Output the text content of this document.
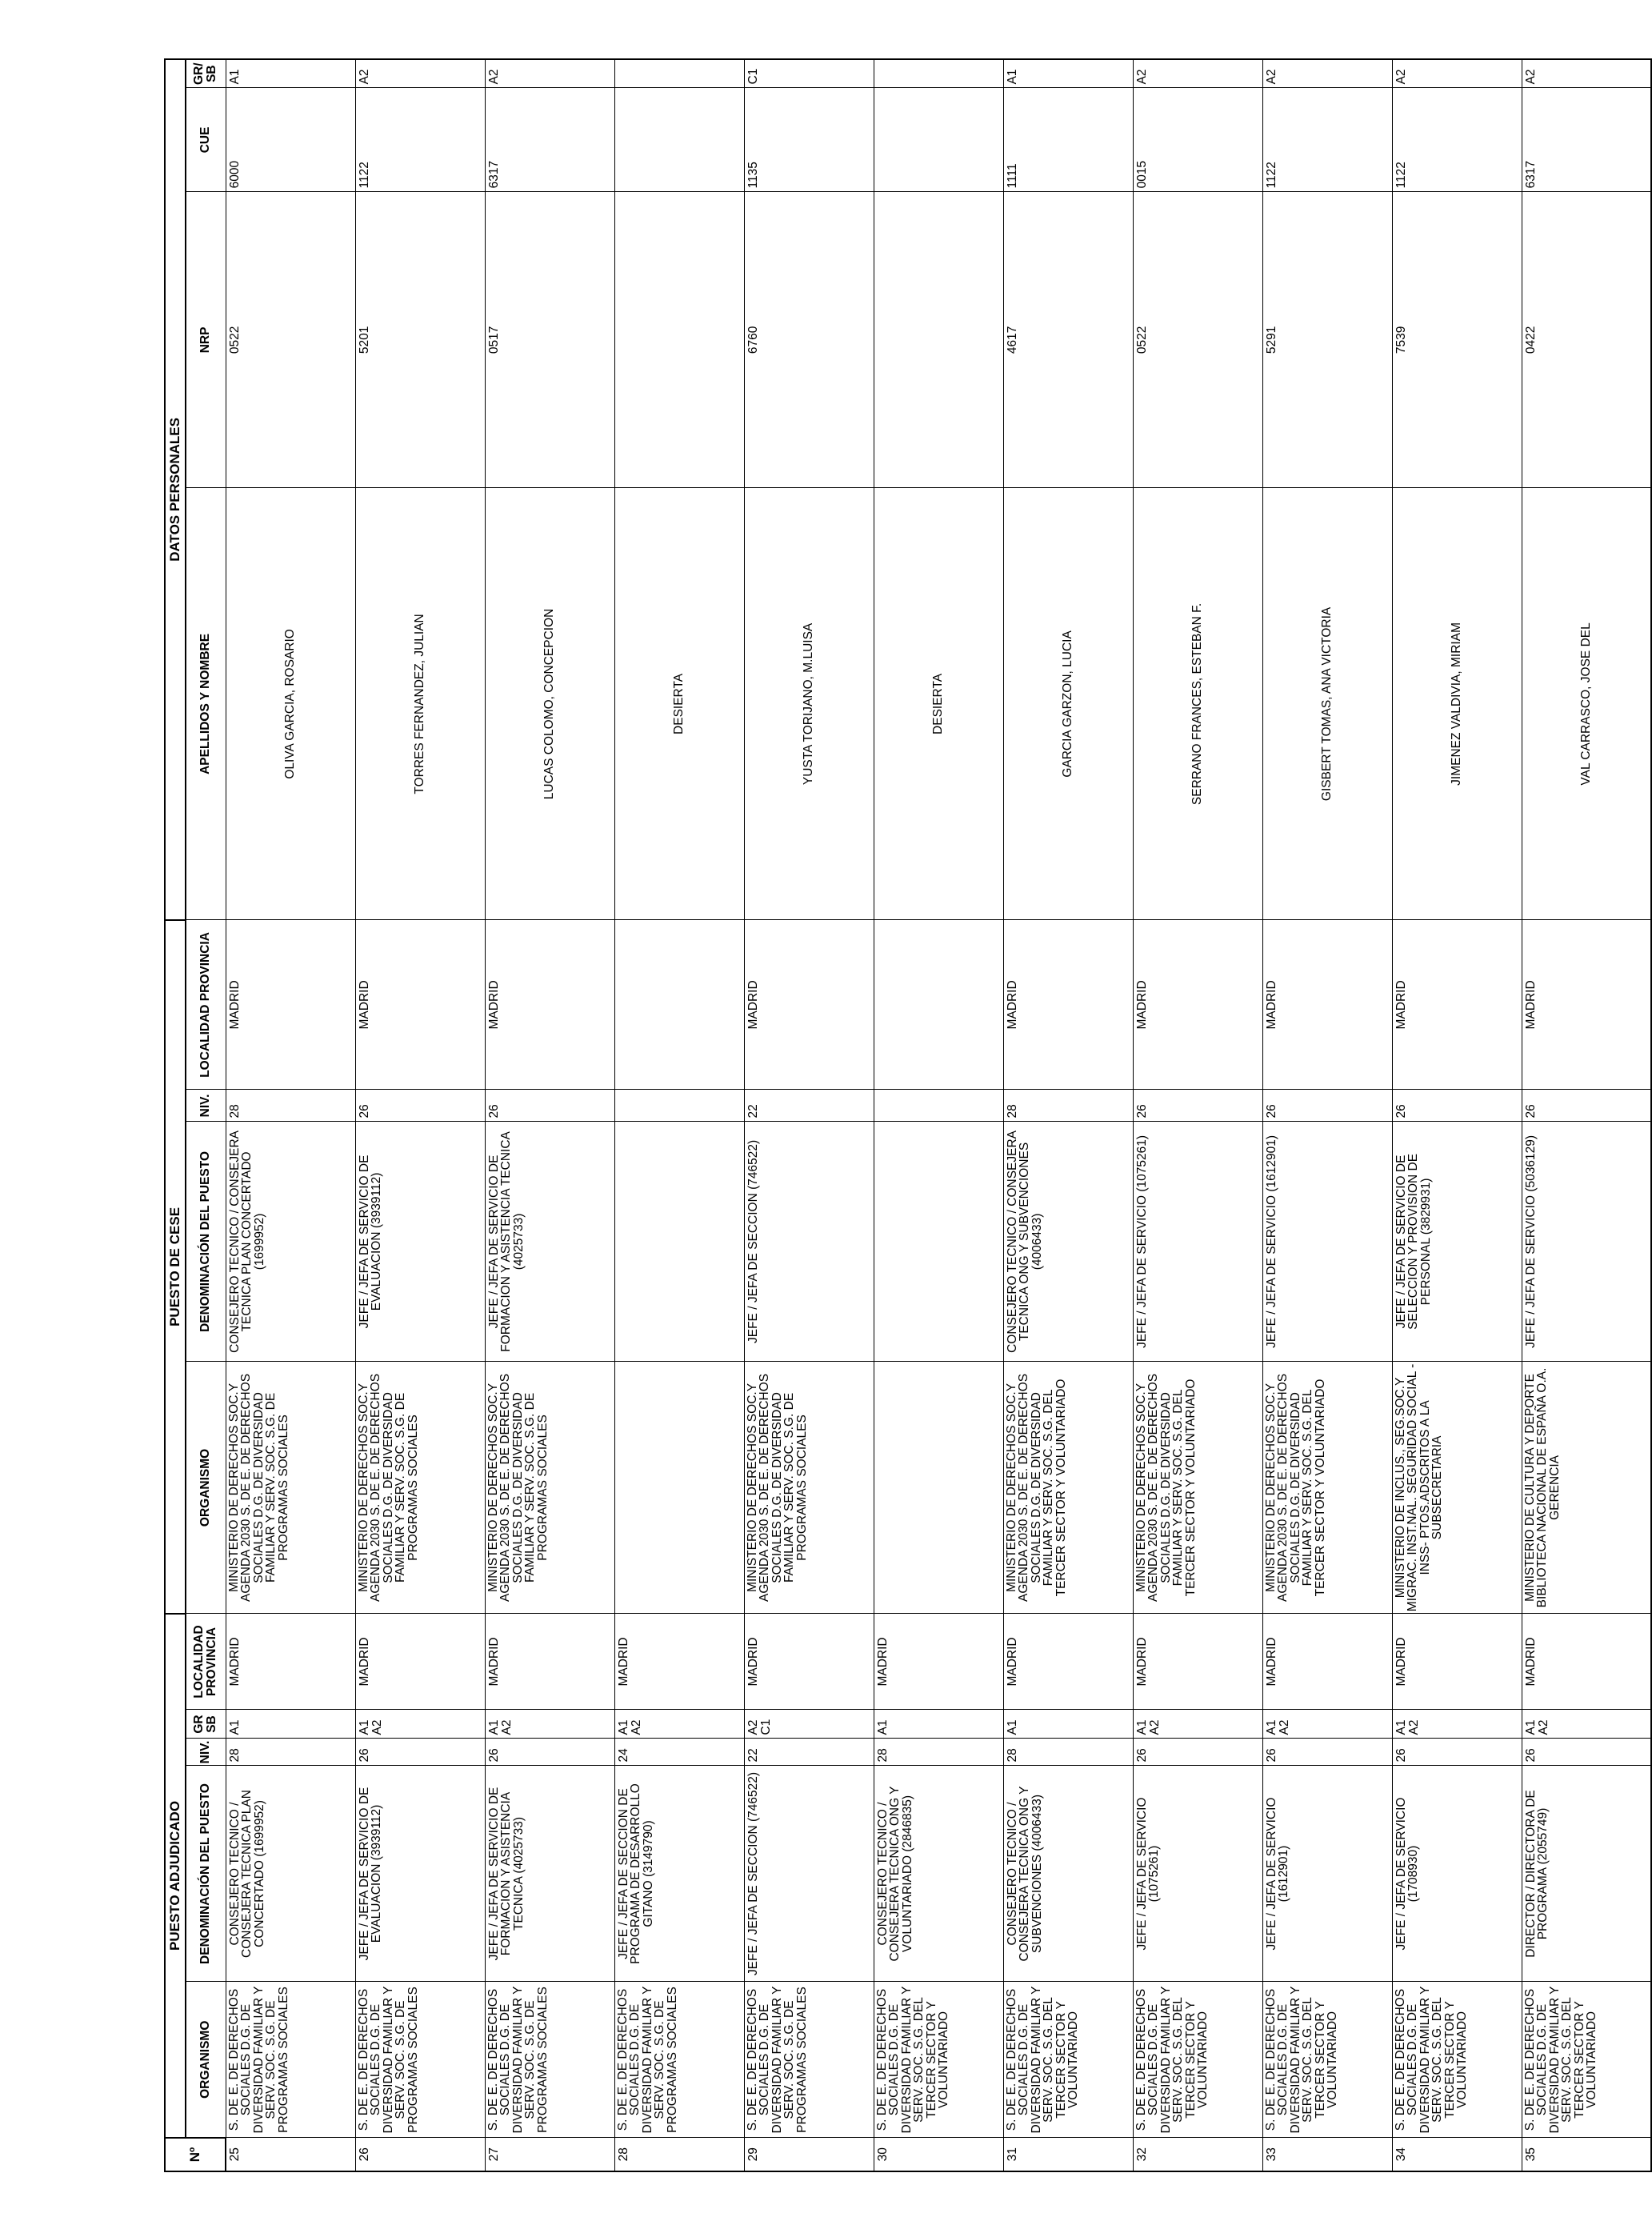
Nº	PUESTO ADJUDICADO					PUESTO DE CESE				DATOS PERSONALES			
	ORGANISMO	DENOMINACIÓN DEL PUESTO	NIV.	GR SB	LOCALIDAD PROVINCIA	ORGANISMO	DENOMINACIÓN DEL PUESTO	NIV.	LOCALIDAD PROVINCIA	APELLIDOS Y NOMBRE	NRP	CUE	GR/ SB
25	S. DE E. DE DERECHOS SOCIALES D.G. DE DIVERSIDAD FAMILIAR Y SERV. SOC. S.G. DE PROGRAMAS SOCIALES	CONSEJERO TECNICO / CONSEJERA TECNICA PLAN CONCERTADO (1699952)	28	A1	MADRID	MINISTERIO DE DERECHOS SOC.Y AGENDA 2030 S. DE E. DE DERECHOS SOCIALES D.G. DE DIVERSIDAD FAMILIAR Y SERV. SOC. S.G. DE PROGRAMAS SOCIALES	CONSEJERO TECNICO / CONSEJERA TECNICA PLAN CONCERTADO (1699952)	28	MADRID	OLIVA GARCIA, ROSARIO	0522	6000	A1
26	S. DE E. DE DERECHOS SOCIALES D.G. DE DIVERSIDAD FAMILIAR Y SERV. SOC. S.G. DE PROGRAMAS SOCIALES	JEFE / JEFA DE SERVICIO DE EVALUACION (3939112)	26	A1 A2	MADRID	MINISTERIO DE DERECHOS SOC.Y AGENDA 2030 S. DE E. DE DERECHOS SOCIALES D.G. DE DIVERSIDAD FAMILIAR Y SERV. SOC. S.G. DE PROGRAMAS SOCIALES	JEFE / JEFA DE SERVICIO DE EVALUACION (3939112)	26	MADRID	TORRES FERNANDEZ, JULIAN	5201	1122	A2
27	S. DE E. DE DERECHOS SOCIALES D.G. DE DIVERSIDAD FAMILIAR Y SERV. SOC. S.G. DE PROGRAMAS SOCIALES	JEFE / JEFA DE SERVICIO DE FORMACION Y ASISTENCIA TECNICA (4025733)	26	A1 A2	MADRID	MINISTERIO DE DERECHOS SOC.Y AGENDA 2030 S. DE E. DE DERECHOS SOCIALES D.G. DE DIVERSIDAD FAMILIAR Y SERV. SOC. S.G. DE PROGRAMAS SOCIALES	JEFE / JEFA DE SERVICIO DE FORMACION Y ASISTENCIA TECNICA (4025733)	26	MADRID	LUCAS COLOMO, CONCEPCION	0517	6317	A2
28	S. DE E. DE DERECHOS SOCIALES D.G. DE DIVERSIDAD FAMILIAR Y SERV. SOC. S.G. DE PROGRAMAS SOCIALES	JEFE / JEFA DE SECCION DE PROGRAMA DE DESARROLLO GITANO (3149790)	24	A1 A2	MADRID					DESIERTA			
29	S. DE E. DE DERECHOS SOCIALES D.G. DE DIVERSIDAD FAMILIAR Y SERV. SOC. S.G. DE PROGRAMAS SOCIALES	JEFE / JEFA DE SECCION (746522)	22	A2 C1	MADRID	MINISTERIO DE DERECHOS SOC.Y AGENDA 2030 S. DE E. DE DERECHOS SOCIALES D.G. DE DIVERSIDAD FAMILIAR Y SERV. SOC. S.G. DE PROGRAMAS SOCIALES	JEFE / JEFA DE SECCION (746522)	22	MADRID	YUSTA TORIJANO, M.LUISA	6760	1135	C1
30	S. DE E. DE DERECHOS SOCIALES D.G. DE DIVERSIDAD FAMILIAR Y SERV. SOC. S.G. DEL TERCER SECTOR Y VOLUNTARIADO	CONSEJERO TECNICO / CONSEJERA TECNICA ONG Y VOLUNTARIADO (2846835)	28	A1	MADRID					DESIERTA			
31	S. DE E. DE DERECHOS SOCIALES D.G. DE DIVERSIDAD FAMILIAR Y SERV. SOC. S.G. DEL TERCER SECTOR Y VOLUNTARIADO	CONSEJERO TECNICO / CONSEJERA TECNICA ONG Y SUBVENCIONES (4006433)	28	A1	MADRID	MINISTERIO DE DERECHOS SOC.Y AGENDA 2030 S. DE E. DE DERECHOS SOCIALES D.G. DE DIVERSIDAD FAMILIAR Y SERV. SOC. S.G. DEL TERCER SECTOR Y VOLUNTARIADO	CONSEJERO TECNICO / CONSEJERA TECNICA ONG Y SUBVENCIONES (4006433)	28	MADRID	GARCIA GARZON, LUCIA	4617	1111	A1
32	S. DE E. DE DERECHOS SOCIALES D.G. DE DIVERSIDAD FAMILIAR Y SERV. SOC. S.G. DEL TERCER SECTOR Y VOLUNTARIADO	JEFE / JEFA DE SERVICIO (1075261)	26	A1 A2	MADRID	MINISTERIO DE DERECHOS SOC.Y AGENDA 2030 S. DE E. DE DERECHOS SOCIALES D.G. DE DIVERSIDAD FAMILIAR Y SERV. SOC. S.G. DEL TERCER SECTOR Y VOLUNTARIADO	JEFE / JEFA DE SERVICIO (1075261)	26	MADRID	SERRANO FRANCES, ESTEBAN F.	0522	0015	A2
33	S. DE E. DE DERECHOS SOCIALES D.G. DE DIVERSIDAD FAMILIAR Y SERV. SOC. S.G. DEL TERCER SECTOR Y VOLUNTARIADO	JEFE / JEFA DE SERVICIO (1612901)	26	A1 A2	MADRID	MINISTERIO DE DERECHOS SOC.Y AGENDA 2030 S. DE E. DE DERECHOS SOCIALES D.G. DE DIVERSIDAD FAMILIAR Y SERV. SOC. S.G. DEL TERCER SECTOR Y VOLUNTARIADO	JEFE / JEFA DE SERVICIO (1612901)	26	MADRID	GISBERT TOMAS, ANA VICTORIA	5291	1122	A2
34	S. DE E. DE DERECHOS SOCIALES D.G. DE DIVERSIDAD FAMILIAR Y SERV. SOC. S.G. DEL TERCER SECTOR Y VOLUNTARIADO	JEFE / JEFA DE SERVICIO (1708930)	26	A1 A2	MADRID	MINISTERIO DE INCLUS., SEG.SOC.Y MIGRAC. INST.NAL. SEGURIDAD SOCIAL -INSS- PTOS.ADSCRITOS A LA SUBSECRETARIA	JEFE / JEFA DE SERVICIO DE SELECCION Y PROVISION DE PERSONAL (3829931)	26	MADRID	JIMENEZ VALDIVIA, MIRIAM	7539	1122	A2
35	S. DE E. DE DERECHOS SOCIALES D.G. DE DIVERSIDAD FAMILIAR Y SERV. SOC. S.G. DEL TERCER SECTOR Y VOLUNTARIADO	DIRECTOR / DIRECTORA DE PROGRAMA (2055749)	26	A1 A2	MADRID	MINISTERIO DE CULTURA Y DEPORTE BIBLIOTECA NACIONAL DE ESPAÑA O.A. GERENCIA	JEFE / JEFA DE SERVICIO (5036129)	26	MADRID	VAL CARRASCO, JOSE DEL	0422	6317	A2
